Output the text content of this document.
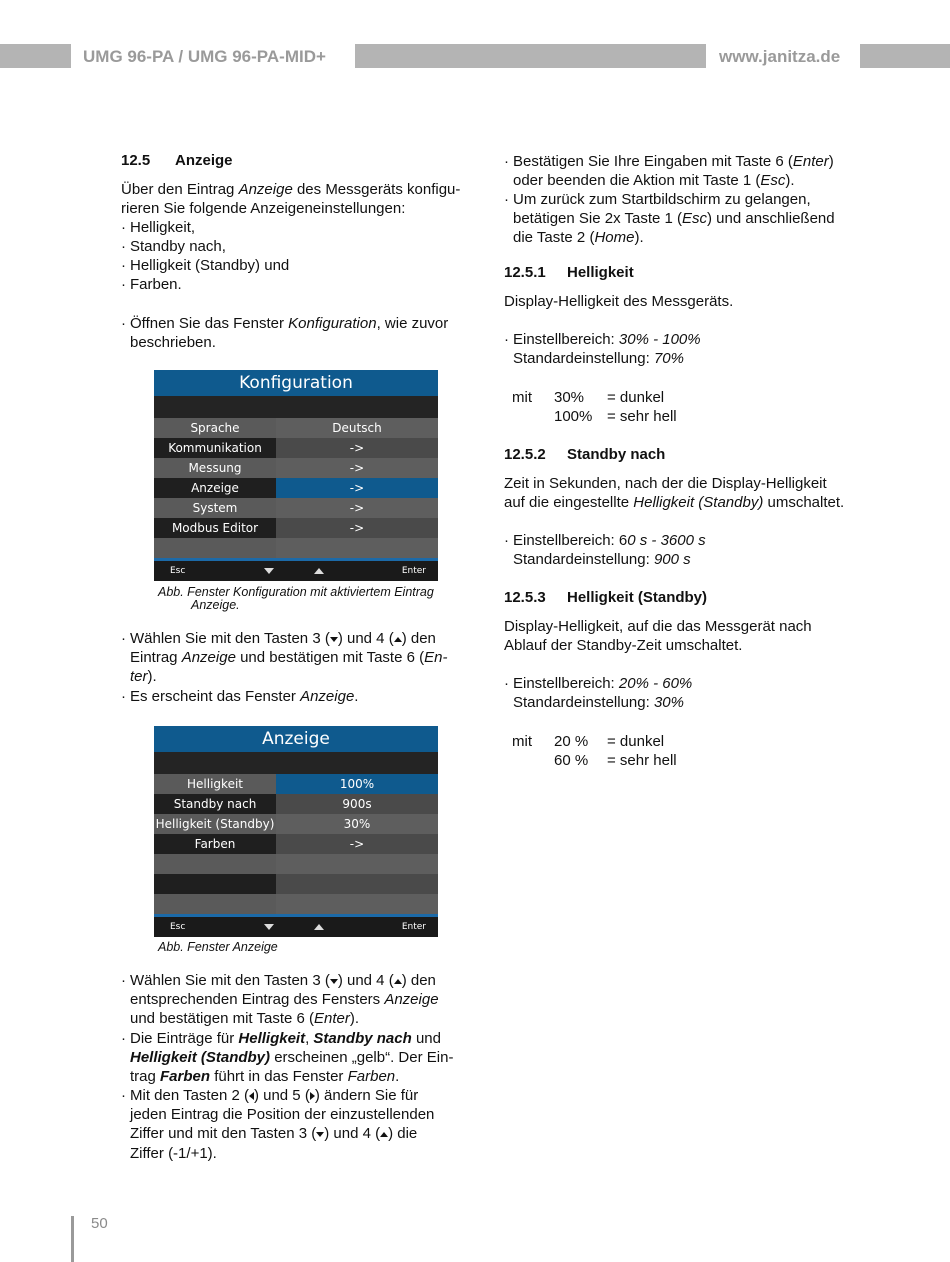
UMG 96-PA / UMG 96-PA-MID+	www.janitza.de
12.5 Anzeige
Über den Eintrag Anzeige des Messgeräts konfigu-
rieren Sie folgende Anzeigeneinstellungen:
· Helligkeit,
· Standby nach,
· Helligkeit (Standby) und
· Farben.
· Öffnen Sie das Fenster Konfiguration, wie zuvor
beschrieben.
Konfiguration
Sprache	Deutsch
Kommunikation	->
Messung	->
Anzeige	->
System	->
Modbus Editor	->
Esc	Enter
Abb. Fenster Konfiguration mit aktiviertem Eintrag
Anzeige.
· Wählen Sie mit den Tasten 3 ( ) und 4 ( ) den
Eintrag Anzeige und bestätigen mit Taste 6 (En-
ter).
· Es erscheint das Fenster Anzeige.
Anzeige
Helligkeit	100%
Standby nach	900s
Helligkeit (Standby)	30%
Farben	->
Esc	Enter
Abb. Fenster Anzeige
· Wählen Sie mit den Tasten 3 ( ) und 4 ( ) den
entsprechenden Eintrag des Fensters Anzeige
und bestätigen mit Taste 6 (Enter).
· Die Einträge für Helligkeit, Standby nach und
Helligkeit (Standby) erscheinen „gelb“. Der Ein-
trag Farben führt in das Fenster Farben.
· Mit den Tasten 2 ( ) und 5 ( ) ändern Sie für
jeden Eintrag die Position der einzustellenden
Ziffer und mit den Tasten 3 ( ) und 4 ( ) die
Ziffer (-1/+1).
· Bestätigen Sie Ihre Eingaben mit Taste 6 (Enter)
oder beenden die Aktion mit Taste 1 (Esc).
· Um zurück zum Startbildschirm zu gelangen,
betätigen Sie 2x Taste 1 (Esc) und anschließend
die Taste 2 (Home).
12.5.1 Helligkeit
Display-Helligkeit des Messgeräts.
· Einstellbereich: 30% - 100%
Standardeinstellung: 70%
mit 30% = dunkel
100% = sehr hell
12.5.2 Standby nach
Zeit in Sekunden, nach der die Display-Helligkeit
auf die eingestellte Helligkeit (Standby) umschaltet.
· Einstellbereich: 60 s - 3600 s
Standardeinstellung: 900 s
12.5.3 Helligkeit (Standby)
Display-Helligkeit, auf die das Messgerät nach
Ablauf der Standby-Zeit umschaltet.
· Einstellbereich: 20% - 60%
Standardeinstellung: 30%
mit 20 % = dunkel
60 % = sehr hell
50
